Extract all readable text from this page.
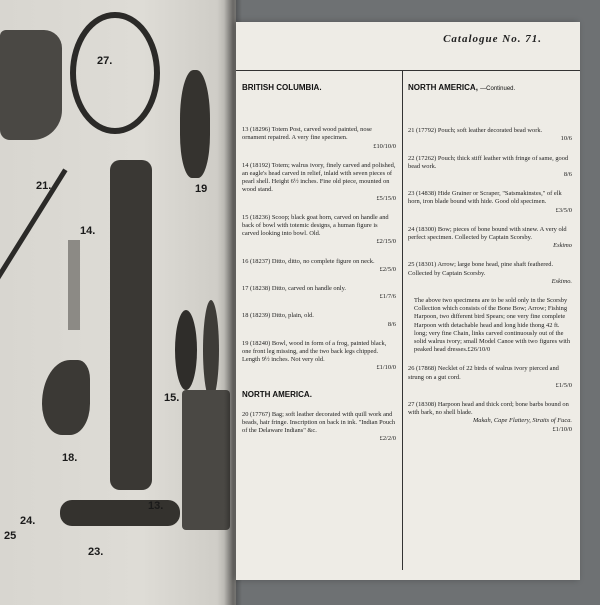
27.
21.	19
14.
25
18.
13.
24.
23.
15.
Catalogue No. 71.
BRITISH COLUMBIA.
13 (18296) Totem Post, carved wood painted, nose ornament repaired. A very fine specimen.
£10/10/0
14 (18192) Totem; walrus ivory, finely carved and polished, an eagle's head carved in relief, inlaid with seven pieces of pearl shell. Height 6½ inches. Fine old piece, mounted on wood stand.
£5/15/0
15 (18236) Scoop; black goat horn, carved on handle and back of bowl with totemic designs, a human figure is carved looking into bowl. Old.
£2/15/0
16 (18237) Ditto, ditto, no complete figure on neck.
£2/5/0
17 (18238) Ditto, carved on handle only.
£1/7/6
18 (18239) Ditto, plain, old.
8/6
19 (18240) Bowl, wood in form of a frog, painted black, one front leg missing, and the two back legs chipped. Length 9½ inches. Not very old.
£1/10/0
NORTH AMERICA.
20 (17767) Bag; soft leather decorated with quill work and beads, hair fringe. Inscription on back in ink. "Indian Pouch of the Delaware Indians" &c.
£2/2/0
NORTH AMERICA, —Continued.
21 (17792) Pouch; soft leather decorated bead work.
10/6
22 (17262) Pouch; thick stiff leather with fringe of same, good bead work.
8/6
23 (14838) Hide Grainer or Scraper, "Satsmakinstes," of elk horn, iron blade bound with hide. Good old specimen.
£3/5/0
24 (18300) Bow; pieces of bone bound with sinew. A very old perfect specimen. Collected by Captain Scorsby.
Eskimo
25 (18301) Arrow; large bone head, pine shaft feathered. Collected by Captain Scorsby.
Eskimo.
The above two specimens are to be sold only in the Scorsby Collection which consists of the Bone Bow; Arrow; Fishing Harpoon, two different bird Spears; one very fine complete Harpoon with detachable head and long hide thong 42 ft. long; very fine Chain, links carved continuously out of the solid walrus ivory; small Model Canoe with two figures with peaked head dresses.£26/10/0
26 (17868) Necklet of 22 birds of walrus ivory pierced and strung on a gut cord.
£1/5/0
27 (18308) Harpoon head and thick cord; bone barbs bound on with bark, no shell blade.
Makah, Cape Flattery, Straits of Fuca.
£1/10/0
